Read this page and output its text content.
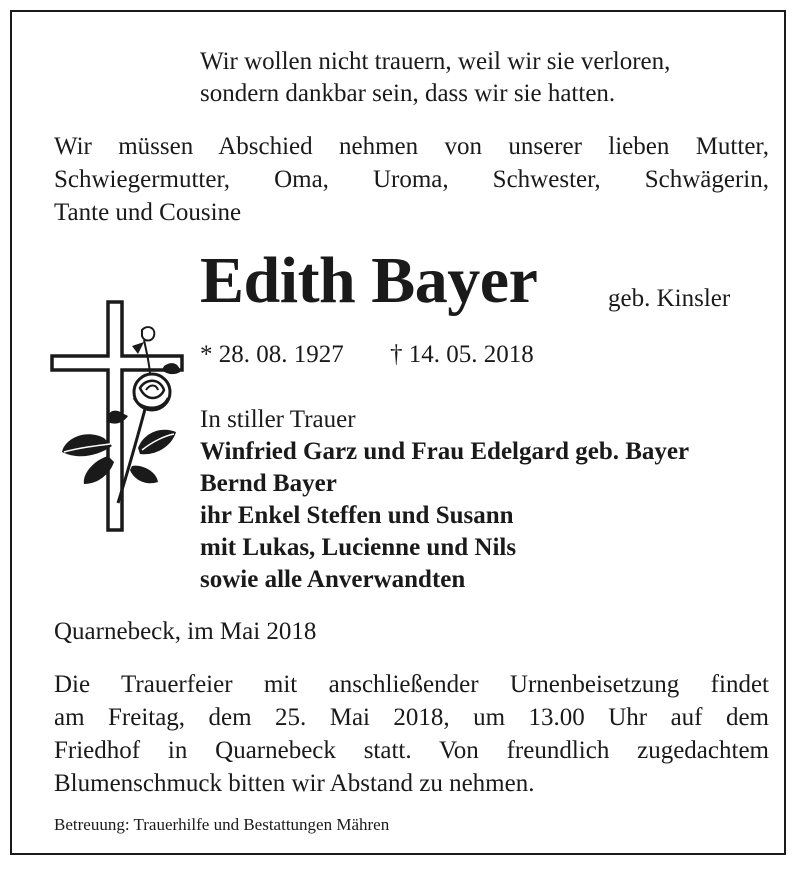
Wir wollen nicht trauern, weil wir sie verloren,
sondern dankbar sein, dass wir sie hatten.
Wir müssen Abschied nehmen von unserer lieben Mutter,
Schwiegermutter, Oma, Uroma, Schwester, Schwägerin,
Tante und Cousine
Edith Bayer	geb. Kinsler
* 28. 08. 1927 † 14. 05. 2018
In stiller Trauer
Winfried Garz und Frau Edelgard geb. Bayer
Bernd Bayer
ihr Enkel Steffen und Susann
mit Lukas, Lucienne und Nils
sowie alle Anverwandten
Quarnebeck, im Mai 2018
Die Trauerfeier mit anschließender Urnenbeisetzung findet
am Freitag, dem 25. Mai 2018, um 13.00 Uhr auf dem
Friedhof in Quarnebeck statt. Von freundlich zugedachtem
Blumenschmuck bitten wir Abstand zu nehmen.
Betreuung: Trauerhilfe und Bestattungen Mähren
